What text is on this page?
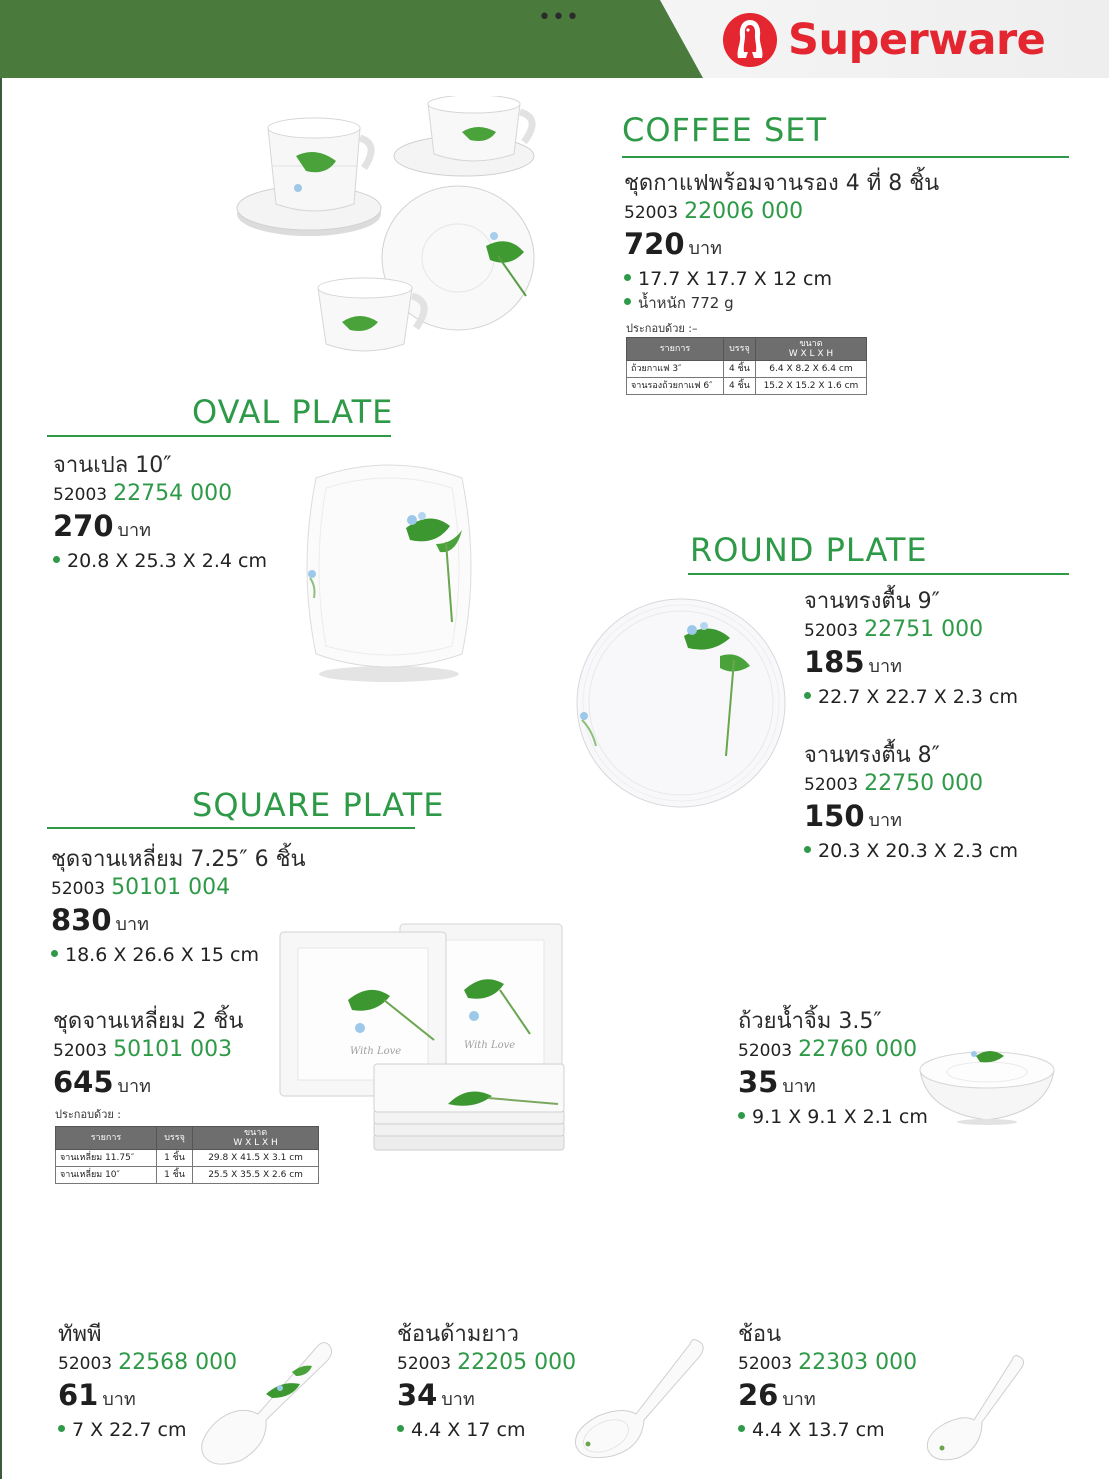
•••	Superware
COFFEE SET
ชุดกาแฟพร้อมจานรอง 4 ที่ 8 ชิ้น
52003 22006 000
720 บาท
17.7 X 17.7 X 12 cm
น้ำหนัก 772 g
ประกอบด้วย :–
รายการ	บรรจุ	ขนาด
W X L X H

ถ้วยกาแฟ 3″	4 ชิ้น	6.4 X 8.2 X 6.4 cm
จานรองถ้วยกาแฟ 6″	4 ชิ้น	15.2 X 15.2 X 1.6 cm
OVAL PLATE
จานเปล 10″
52003 22754 000
270 บาท
20.8 X 25.3 X 2.4 cm	ROUND PLATE
จานทรงตื้น 9″
52003 22751 000
185 บาท
22.7 X 22.7 X 2.3 cm
จานทรงตื้น 8″
52003 22750 000
150 บาท
20.3 X 20.3 X 2.3 cm
SQUARE PLATE
ชุดจานเหลี่ยม 7.25″ 6 ชิ้น
52003 50101 004
830 บาท
18.6 X 26.6 X 15 cm
ชุดจานเหลี่ยม 2 ชิ้น
52003 50101 003
645 บาท
ประกอบด้วย :
รายการ	บรรจุ	ขนาด
W X L X H

จานเหลี่ยม 11.75″	1 ชิ้น	29.8 X 41.5 X 3.1 cm
จานเหลี่ยม 10″	1 ชิ้น	25.5 X 35.5 X 2.6 cm
With Love
With Love
ถ้วยน้ำจิ้ม 3.5″
52003 22760 000
35 บาท
9.1 X 9.1 X 2.1 cm
ทัพพี
52003 22568 000
61 บาท
7 X 22.7 cm
ช้อนด้ามยาว
52003 22205 000
34 บาท
4.4 X 17 cm
ช้อน
52003 22303 000
26 บาท
4.4 X 13.7 cm
